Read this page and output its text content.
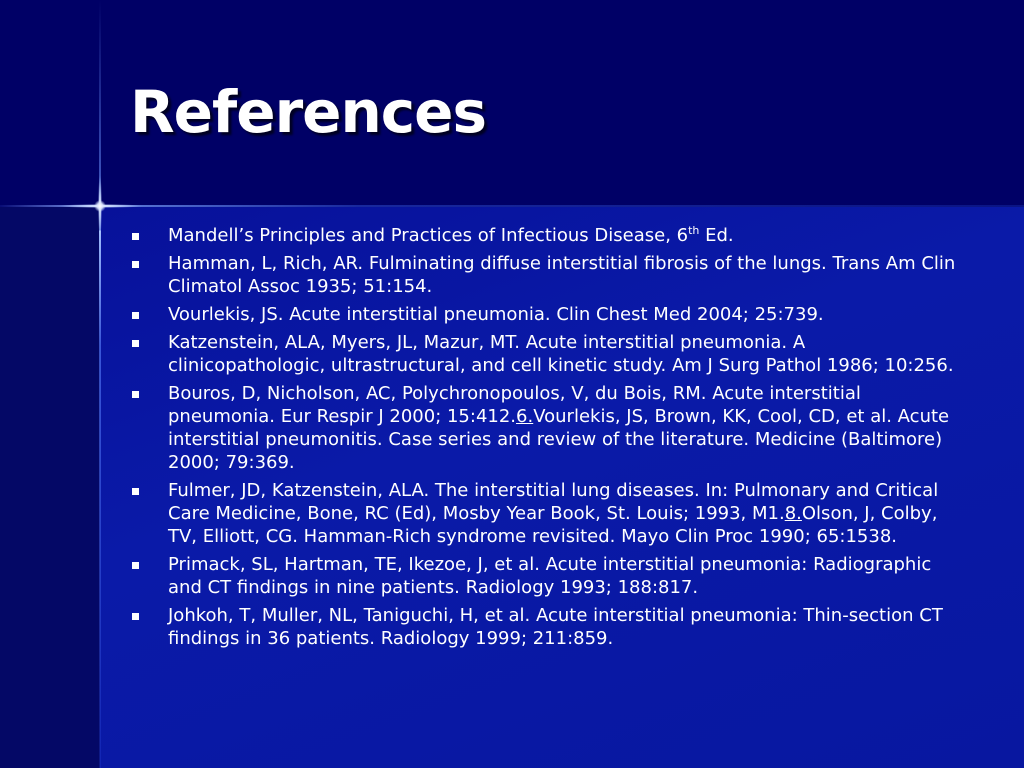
References
Mandell’s Principles and Practices of Infectious Disease, 6th Ed.
Hamman, L, Rich, AR. Fulminating diffuse interstitial fibrosis of the lungs. Trans Am Clin Climatol Assoc 1935; 51:154.
Vourlekis, JS. Acute interstitial pneumonia. Clin Chest Med 2004; 25:739.
Katzenstein, ALA, Myers, JL, Mazur, MT. Acute interstitial pneumonia. A clinicopathologic, ultrastructural, and cell kinetic study. Am J Surg Pathol 1986; 10:256.
Bouros, D, Nicholson, AC, Polychronopoulos, V, du Bois, RM. Acute interstitial pneumonia. Eur Respir J 2000; 15:412.6.Vourlekis, JS, Brown, KK, Cool, CD, et al. Acute interstitial pneumonitis. Case series and review of the literature. Medicine (Baltimore) 2000; 79:369.
Fulmer, JD, Katzenstein, ALA. The interstitial lung diseases. In: Pulmonary and Critical Care Medicine, Bone, RC (Ed), Mosby Year Book, St. Louis; 1993, M1.8.Olson, J, Colby, TV, Elliott, CG. Hamman-Rich syndrome revisited. Mayo Clin Proc 1990; 65:1538.
Primack, SL, Hartman, TE, Ikezoe, J, et al. Acute interstitial pneumonia: Radiographic and CT findings in nine patients. Radiology 1993; 188:817.
Johkoh, T, Muller, NL, Taniguchi, H, et al. Acute interstitial pneumonia: Thin-section CT findings in 36 patients. Radiology 1999; 211:859.
